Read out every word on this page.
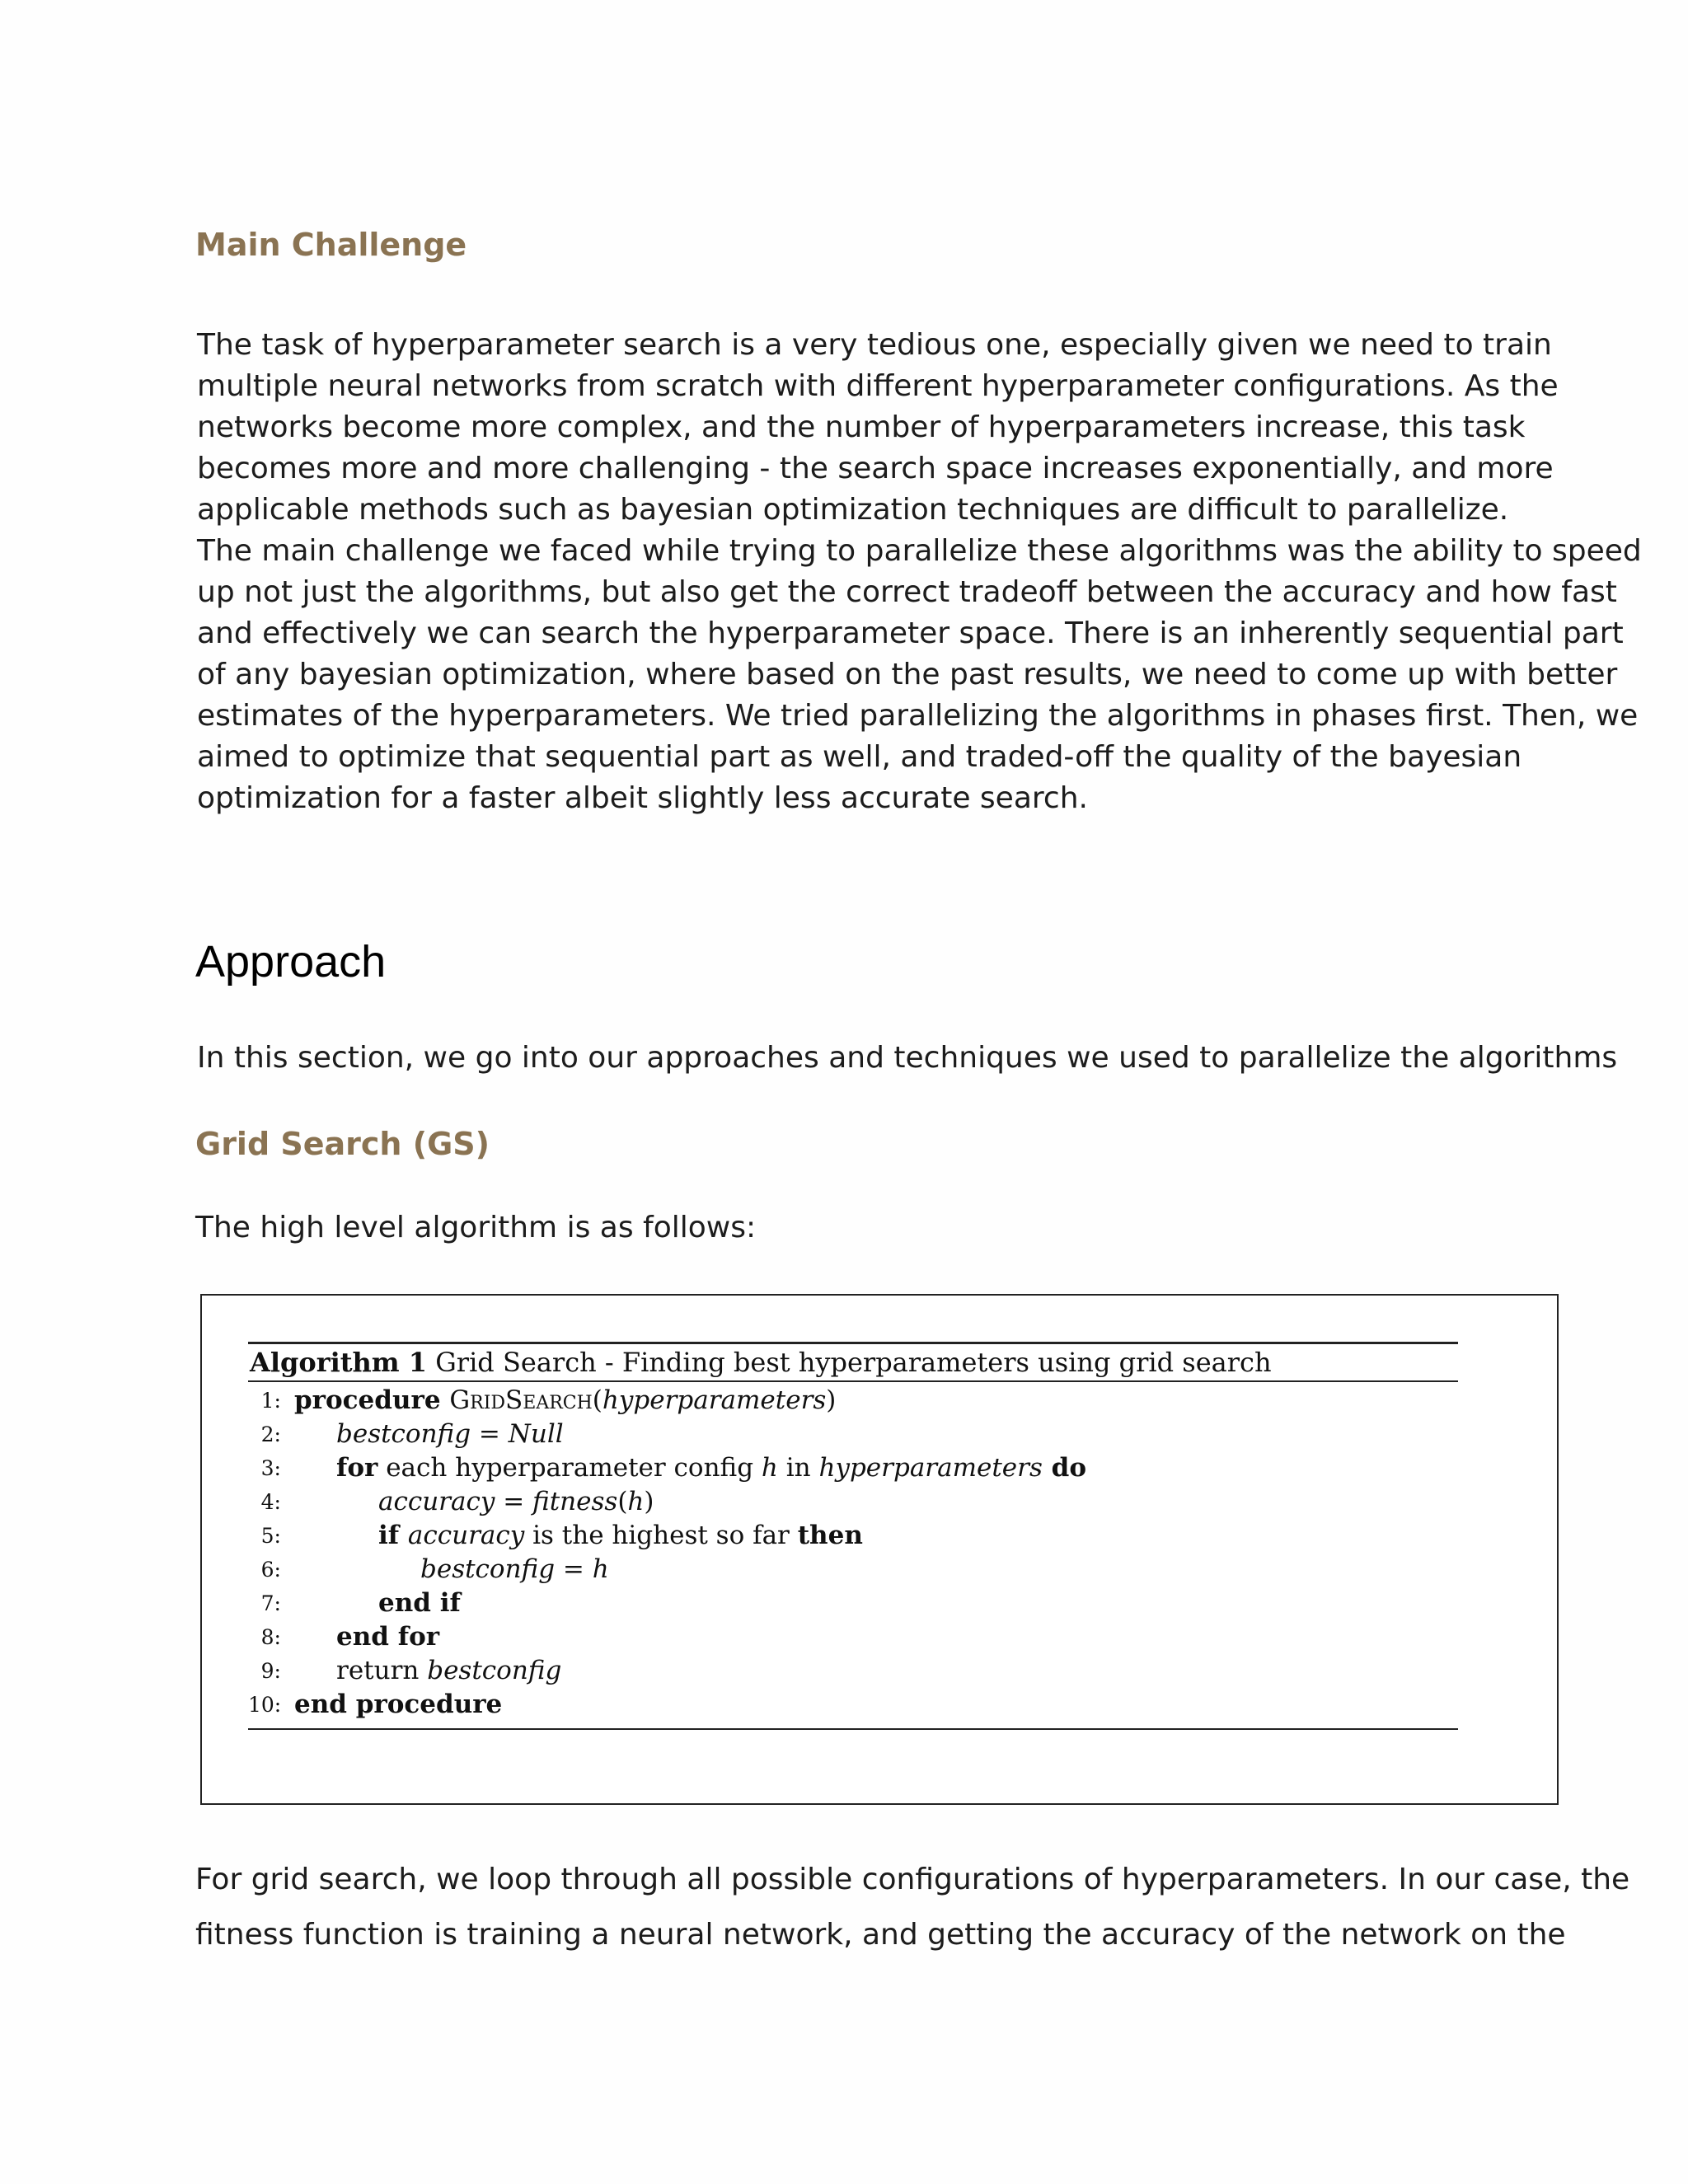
Main Challenge
The task of hyperparameter search is a very tedious one, especially given we need to train
multiple neural networks from scratch with different hyperparameter configurations. As the
networks become more complex, and the number of hyperparameters increase, this task
becomes more and more challenging - the search space increases exponentially, and more
applicable methods such as bayesian optimization techniques are difficult to parallelize.
The main challenge we faced while trying to parallelize these algorithms was the ability to speed
up not just the algorithms, but also get the correct tradeoff between the accuracy and how fast
and effectively we can search the hyperparameter space. There is an inherently sequential part
of any bayesian optimization, where based on the past results, we need to come up with better
estimates of the hyperparameters. We tried parallelizing the algorithms in phases first. Then, we
aimed to optimize that sequential part as well, and traded-off the quality of the bayesian
optimization for a faster albeit slightly less accurate search.
Approach

In this section, we go into our approaches and techniques we used to parallelize the algorithms

Grid Search (GS)

The high level algorithm is as follows:

Algorithm 1 Grid Search - Finding best hyperparameters using grid search
1: procedure GridSearch(hyperparameters)
2: bestconfig = Null
3: for each hyperparameter config h in hyperparameters do
4:	accuracy = fitness(h)
5:	if accuracy is the highest so far then
6:	bestconfig = h
7:	end if
8: end for
9: return bestconfig
10: end procedure
For grid search, we loop through all possible configurations of hyperparameters. In our case, the
fitness function is training a neural network, and getting the accuracy of the network on the
